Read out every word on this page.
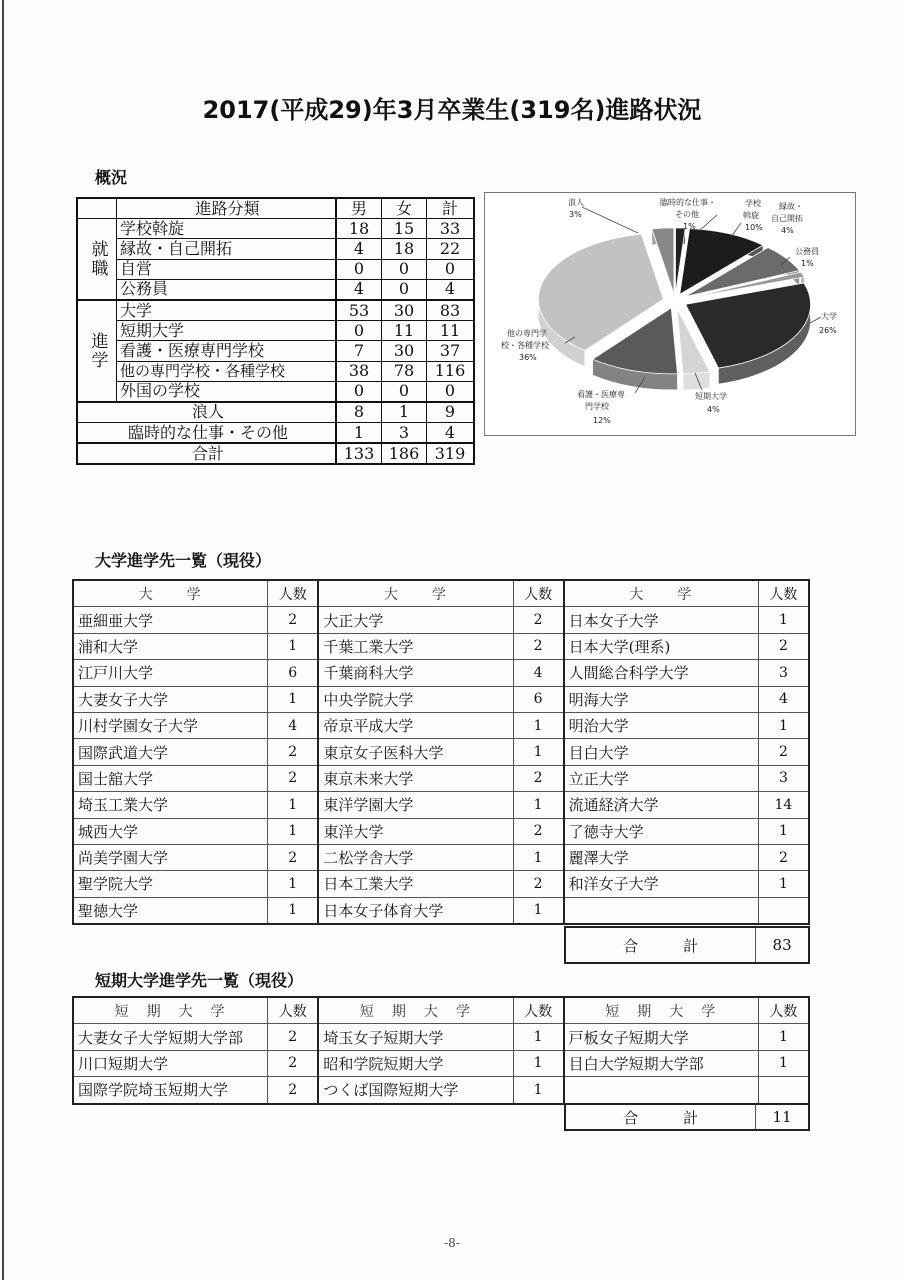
2017(平成29)年3月卒業生(319名)進路状況
概況
	進路分類	男	女	計
就職	学校斡旋	18	15	33
	縁故・自己開拓	4	18	22
	自営	0	0	0
	公務員	4	0	4
進学	大学	53	30	83
	短期大学	0	11	11
	看護・医療専門学校	7	30	37
	他の専門学校・各種学校	38	78	116
	外国の学校	0	0	0
浪人		8	1	9
臨時的な仕事・その他		1	3	4
合計		133	186	319
浪人
3%
臨時的な仕事・
その他
1%
学校
斡旋
10%
縁故・
自己開拓
4%
公務員
1%
大学
26%
他の専門学
校・各種学校
36%
看護・医療専
門学校
12%
短期大学
4%
大学進学先一覧（現役）
大　　学	人数	大　　学	人数	大　　学	人数
亜細亜大学	2	大正大学	2	日本女子大学	1
浦和大学	1	千葉工業大学	2	日本大学(理系)	2
江戸川大学	6	千葉商科大学	4	人間総合科学大学	3
大妻女子大学	1	中央学院大学	6	明海大学	4
川村学園女子大学	4	帝京平成大学	1	明治大学	1
国際武道大学	2	東京女子医科大学	1	目白大学	2
国士舘大学	2	東京未来大学	2	立正大学	3
埼玉工業大学	1	東洋学園大学	1	流通経済大学	14
城西大学	1	東洋大学	2	了徳寺大学	1
尚美学園大学	2	二松学舎大学	1	麗澤大学	2
聖学院大学	1	日本工業大学	2	和洋女子大学	1
聖徳大学	1	日本女子体育大学	1		
合　　　計	83
短期大学進学先一覧（現役）
短　期　大　学	人数	短　期　大　学	人数	短　期　大　学	人数
大妻女子大学短期大学部	2	埼玉女子短期大学	1	戸板女子短期大学	1
川口短期大学	2	昭和学院短期大学	1	目白大学短期大学部	1
国際学院埼玉短期大学	2	つくば国際短期大学	1		
合　　　計	11
-8-
